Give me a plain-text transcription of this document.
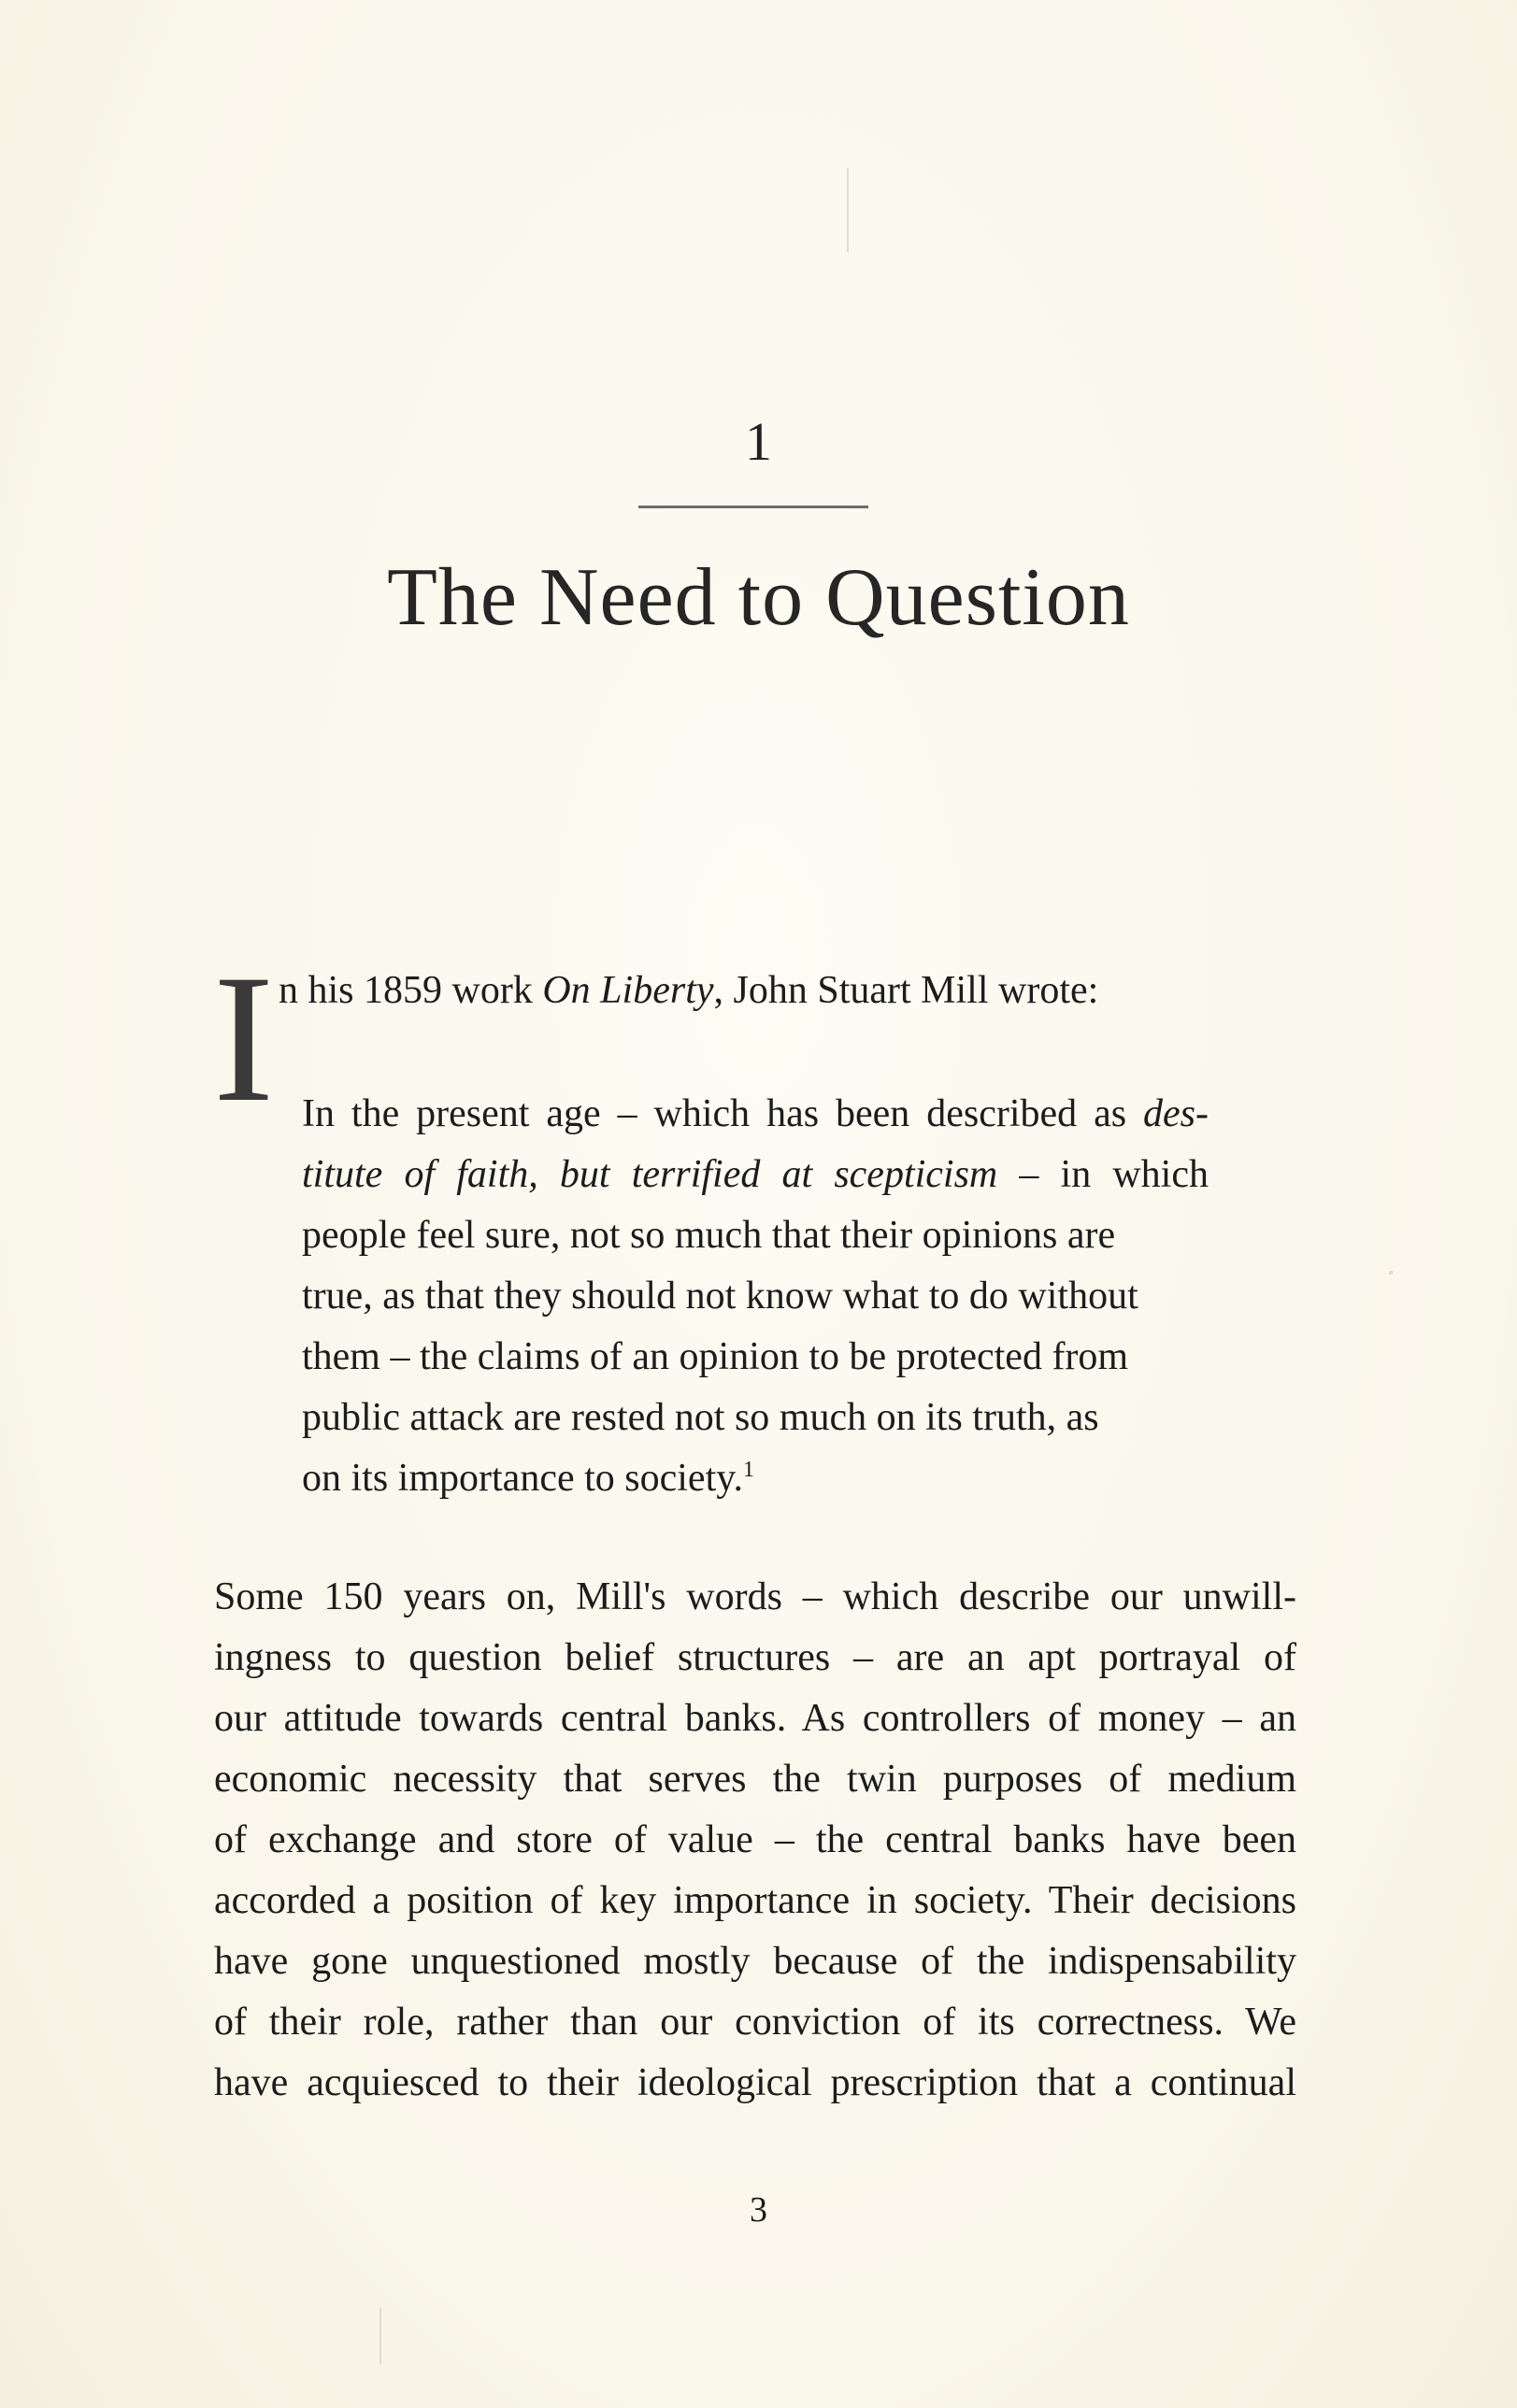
1
The Need to Question
I n his 1859 work On Liberty, John Stuart Mill wrote:
In the present age – which has been described as des-
titute of faith, but terrified at scepticism – in which
people feel sure, not so much that their opinions are
true, as that they should not know what to do without
them – the claims of an opinion to be protected from
public attack are rested not so much on its truth, as
on its importance to society.$^1$
Some 150 years on, Mill's words – which describe our unwill-
ingness to question belief structures – are an apt portrayal of
our attitude towards central banks. As controllers of money – an
economic necessity that serves the twin purposes of medium
of exchange and store of value – the central banks have been
accorded a position of key importance in society. Their decisions
have gone unquestioned mostly because of the indispensability
of their role, rather than our conviction of its correctness. We
have acquiesced to their ideological prescription that a continual
3
